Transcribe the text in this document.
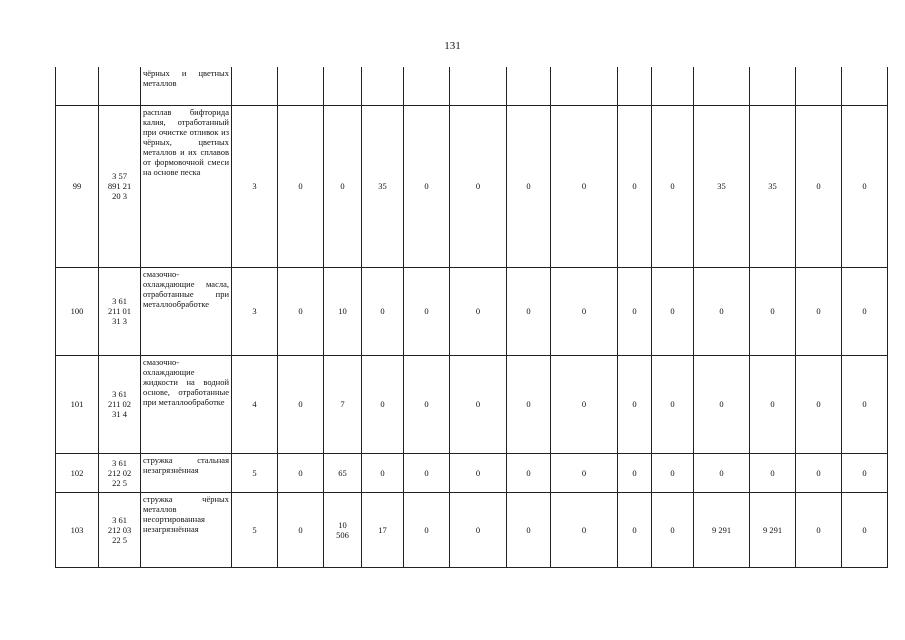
131
		чёрных и цветных металлов														
99	3 57
891 21
20 3	расплав бифторида калия, отработанный при очистке отливок из чёрных, цветных металлов и их сплавов от формовочной смеси на основе песка	3	0	0	35	0	0	0	0	0	0	35	35	0	0
100	3 61
211 01
31 3	смазочно-охлаждающие масла, отработанные при металлообработке	3	0	10	0	0	0	0	0	0	0	0	0	0	0
101	3 61
211 02
31 4	смазочно-охлаждающие жидкости на водной основе, отработанные при металлообработке	4	0	7	0	0	0	0	0	0	0	0	0	0	0
102	3 61
212 02
22 5	стружка стальная незагрязнённая	5	0	65	0	0	0	0	0	0	0	0	0	0	0
103	3 61
212 03
22 5	стружка чёрных металлов несортированная незагрязнённая	5	0	10
506	17	0	0	0	0	0	0	9 291	9 291	0	0
